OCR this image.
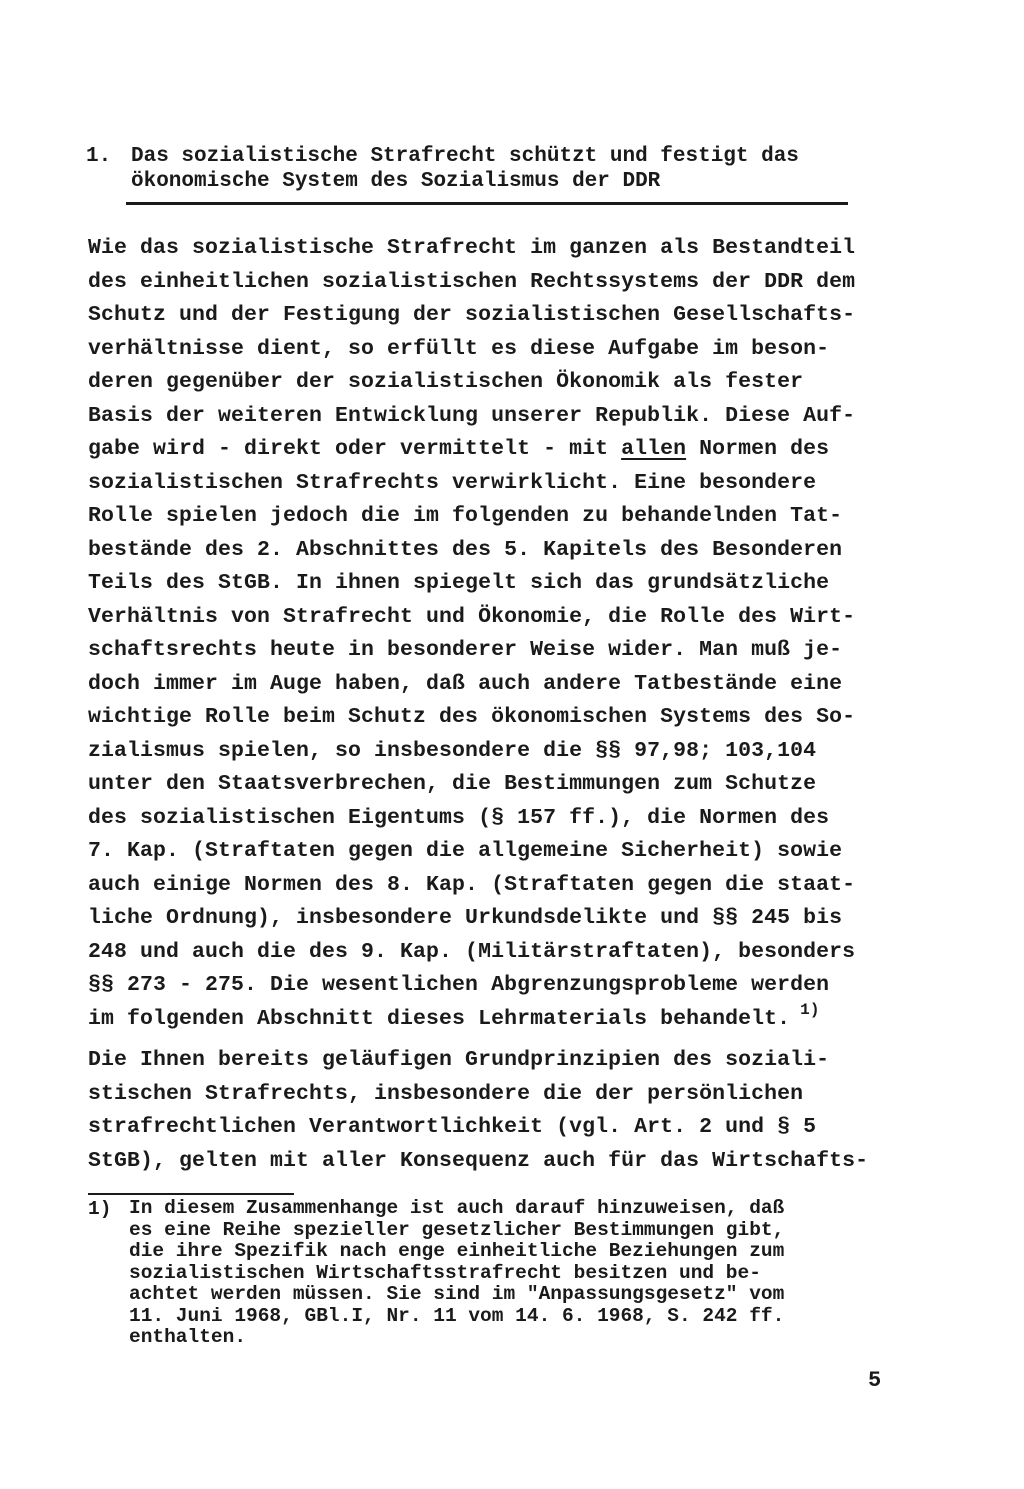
1. Das sozialistische Strafrecht schützt und festigt das
ökonomische System des Sozialismus der DDR
Wie das sozialistische Strafrecht im ganzen als Bestandteil
des einheitlichen sozialistischen Rechtssystems der DDR dem
Schutz und der Festigung der sozialistischen Gesellschafts-
verhältnisse dient, so erfüllt es diese Aufgabe im beson-
deren gegenüber der sozialistischen Ökonomik als fester
Basis der weiteren Entwicklung unserer Republik. Diese Auf-
gabe wird - direkt oder vermittelt - mit allen Normen des
sozialistischen Strafrechts verwirklicht. Eine besondere
Rolle spielen jedoch die im folgenden zu behandelnden Tat-
bestände des 2. Abschnittes des 5. Kapitels des Besonderen
Teils des StGB. In ihnen spiegelt sich das grundsätzliche
Verhältnis von Strafrecht und Ökonomie, die Rolle des Wirt-
schaftsrechts heute in besonderer Weise wider. Man muß je-
doch immer im Auge haben, daß auch andere Tatbestände eine
wichtige Rolle beim Schutz des ökonomischen Systems des So-
zialismus spielen, so insbesondere die §§ 97,98; 103,104
unter den Staatsverbrechen, die Bestimmungen zum Schutze
des sozialistischen Eigentums (§ 157 ff.), die Normen des
7. Kap. (Straftaten gegen die allgemeine Sicherheit) sowie
auch einige Normen des 8. Kap. (Straftaten gegen die staat-
liche Ordnung), insbesondere Urkundsdelikte und §§ 245 bis
248 und auch die des 9. Kap. (Militärstraftaten), besonders
§§ 273 - 275. Die wesentlichen Abgrenzungsprobleme werden
im folgenden Abschnitt dieses Lehrmaterials behandelt. $^{1)}$
Die Ihnen bereits geläufigen Grundprinzipien des soziali-
stischen Strafrechts, insbesondere die der persönlichen
strafrechtlichen Verantwortlichkeit (vgl. Art. 2 und § 5
StGB), gelten mit aller Konsequenz auch für das Wirtschafts-
1) In diesem Zusammenhange ist auch darauf hinzuweisen, daß
es eine Reihe spezieller gesetzlicher Bestimmungen gibt,
die ihre Spezifik nach enge einheitliche Beziehungen zum
sozialistischen Wirtschaftsstrafrecht besitzen und be-
achtet werden müssen. Sie sind im "Anpassungsgesetz" vom
11. Juni 1968, GBl.I, Nr. 11 vom 14. 6. 1968, S. 242 ff.
enthalten.
5
